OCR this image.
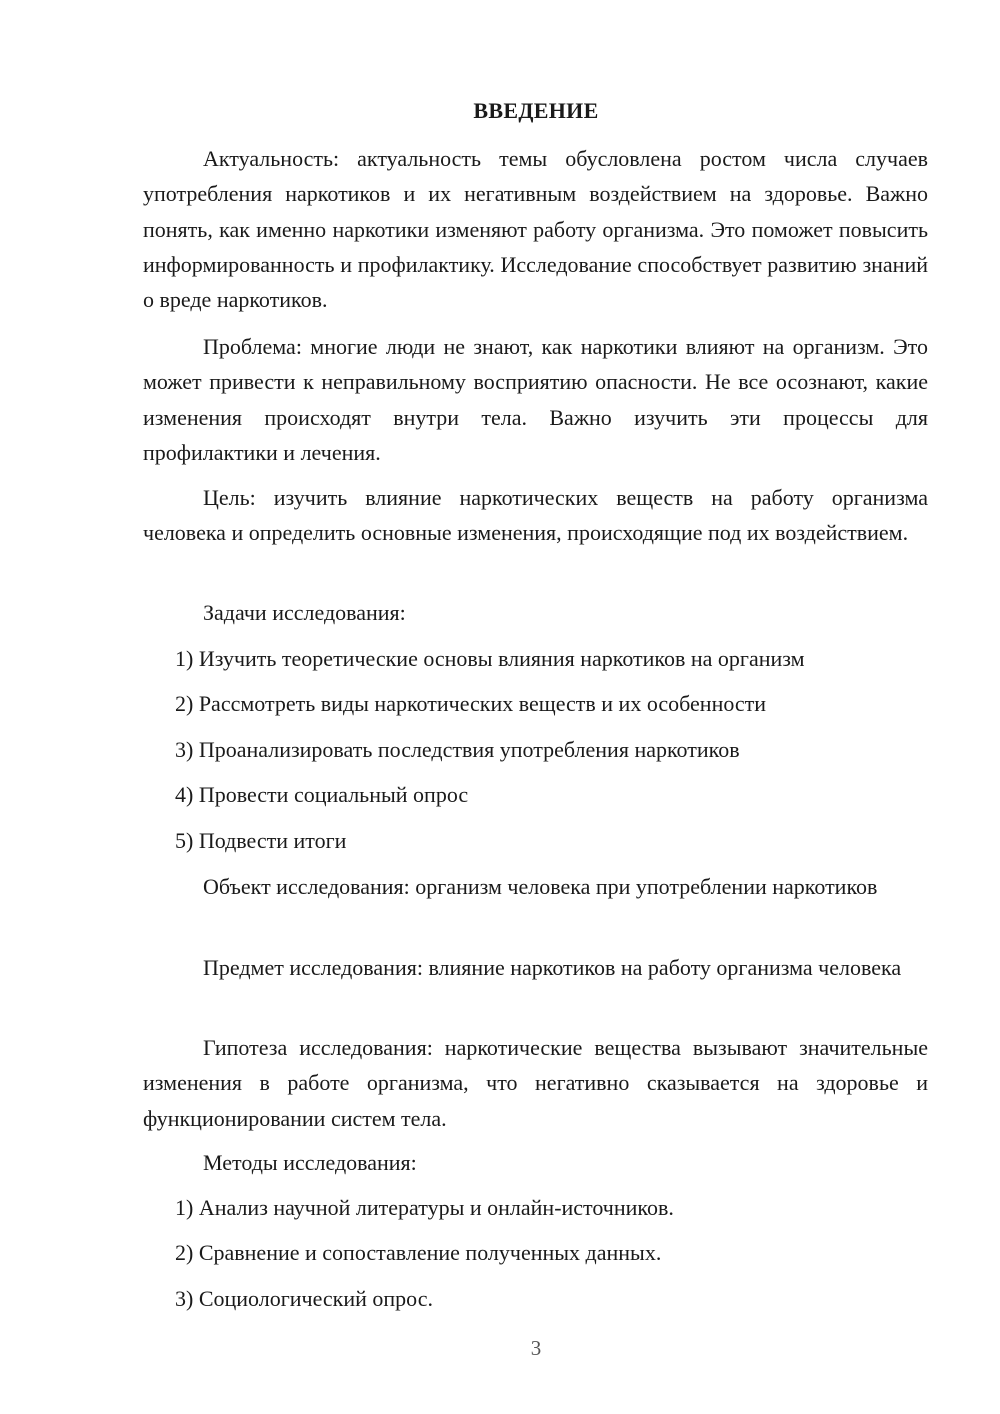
ВВЕДЕНИЕ
Актуальность: актуальность темы обусловлена ростом числа случаев употребления наркотиков и их негативным воздействием на здоровье. Важно понять, как именно наркотики изменяют работу организма. Это поможет повысить информированность и профилактику. Исследование способствует развитию знаний о вреде наркотиков.
Проблема: многие люди не знают, как наркотики влияют на организм. Это может привести к неправильному восприятию опасности. Не все осознают, какие изменения происходят внутри тела. Важно изучить эти процессы для профилактики и лечения.
Цель: изучить влияние наркотических веществ на работу организма человека и определить основные изменения, происходящие под их воздействием.
Задачи исследования:
1) Изучить теоретические основы влияния наркотиков на организм
2) Рассмотреть виды наркотических веществ и их особенности
3) Проанализировать последствия употребления наркотиков
4) Провести социальный опрос
5) Подвести итоги
Объект исследования: организм человека при употреблении наркотиков
Предмет исследования: влияние наркотиков на работу организма человека
Гипотеза исследования: наркотические вещества вызывают значительные изменения в работе организма, что негативно сказывается на здоровье и функционировании систем тела.
Методы исследования:
1) Анализ научной литературы и онлайн-источников.
2) Сравнение и сопоставление полученных данных.
3) Социологический опрос.
3
